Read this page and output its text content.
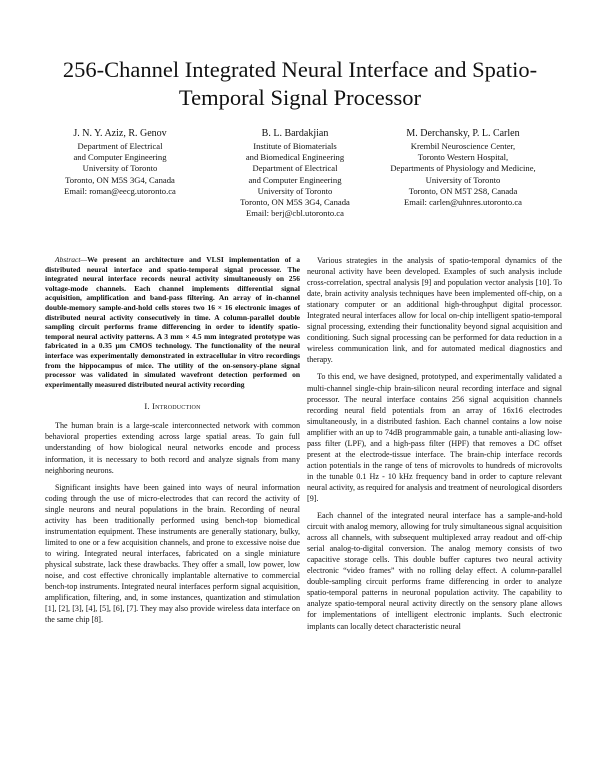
256-Channel Integrated Neural Interface and Spatio-Temporal Signal Processor
J. N. Y. Aziz, R. Genov
Department of Electrical
and Computer Engineering
University of Toronto
Toronto, ON M5S 3G4, Canada
Email: roman@eecg.utoronto.ca
B. L. Bardakjian
Institute of Biomaterials
and Biomedical Engineering
Department of Electrical
and Computer Engineering
University of Toronto
Toronto, ON M5S 3G4, Canada
Email: berj@cbl.utoronto.ca
M. Derchansky, P. L. Carlen
Krembil Neuroscience Center,
Toronto Western Hospital,
Departments of Physiology and Medicine,
University of Toronto
Toronto, ON M5T 2S8, Canada
Email: carlen@uhnres.utoronto.ca

Abstract—We present an architecture and VLSI implementation of a distributed neural interface and spatio-temporal signal processor. The integrated neural interface records neural activity simultaneously on 256 voltage-mode channels. Each channel implements differential signal acquisition, amplification and band-pass filtering. An array of in-channel double-memory sample-and-hold cells stores two 16 × 16 electronic images of distributed neural activity consecutively in time. A column-parallel double sampling circuit performs frame differencing in order to identify spatio-temporal neural activity patterns. A 3 mm × 4.5 mm integrated prototype was fabricated in a 0.35 μm CMOS technology. The functionality of the neural interface was experimentally demonstrated in extracellular in vitro recordings from the hippocampus of mice. The utility of the on-sensory-plane signal processor was validated in simulated wavefront detection performed on experimentally measured distributed neural activity recording

I. Introduction

The human brain is a large-scale interconnected network with common behavioral properties extending across large spatial areas. To gain full understanding of how biological neural networks encode and process information, it is necessary to both record and analyze signals from many neighboring neurons.

Significant insights have been gained into ways of neural information coding through the use of micro-electrodes that can record the activity of single neurons and neural populations in the brain. Recording of neural activity has been traditionally performed using bench-top biomedical instrumentation equipment. These instruments are generally stationary, bulky, limited to one or a few acquisition channels, and prone to excessive noise due to wiring. Integrated neural interfaces, fabricated on a single miniature physical substrate, lack these drawbacks. They offer a small, low power, low noise, and cost effective chronically implantable alternative to commercial bench-top instruments. Integrated neural interfaces perform signal acquisition, amplification, filtering, and, in some instances, quantization and stimulation [1], [2], [3], [4], [5], [6], [7]. They may also provide wireless data interface on the same chip [8].

Various strategies in the analysis of spatio-temporal dynamics of the neuronal activity have been developed. Examples of such analysis include cross-correlation, spectral analysis [9] and population vector analysis [10]. To date, brain activity analysis techniques have been implemented off-chip, on a stationary computer or an additional high-throughput digital processor. Integrated neural interfaces allow for local on-chip intelligent spatio-temporal signal processing, extending their functionality beyond signal acquisition and conditioning. Such signal processing can be performed for data reduction in a wireless communication link, and for automated medical diagnostics and therapy.

To this end, we have designed, prototyped, and experimentally validated a multi-channel single-chip brain-silicon neural recording interface and signal processor. The neural interface contains 256 signal acquisition channels recording neural field potentials from an array of 16x16 electrodes simultaneously, in a distributed fashion. Each channel contains a low noise amplifier with an up to 74dB programmable gain, a tunable anti-aliasing low-pass filter (LPF), and a high-pass filter (HPF) that removes a DC offset present at the electrode-tissue interface. The brain-chip interface records action potentials in the range of tens of microvolts to hundreds of microvolts in the tunable 0.1 Hz - 10 kHz frequency band in order to capture relevant neural activity, as required for analysis and treatment of neurological disorders [9].

Each channel of the integrated neural interface has a sample-and-hold circuit with analog memory, allowing for truly simultaneous signal acquisition across all channels, with subsequent multiplexed array readout and off-chip serial analog-to-digital conversion. The analog memory consists of two capacitive storage cells. This double buffer captures two neural activity electronic “video frames” with no rolling delay effect. A column-parallel double-sampling circuit performs frame differencing in order to analyze spatio-temporal patterns in neuronal population activity. The capability to analyze spatio-temporal neural activity directly on the sensory plane allows for implementations of intelligent electronic implants. Such electronic implants can locally detect characteristic neural
